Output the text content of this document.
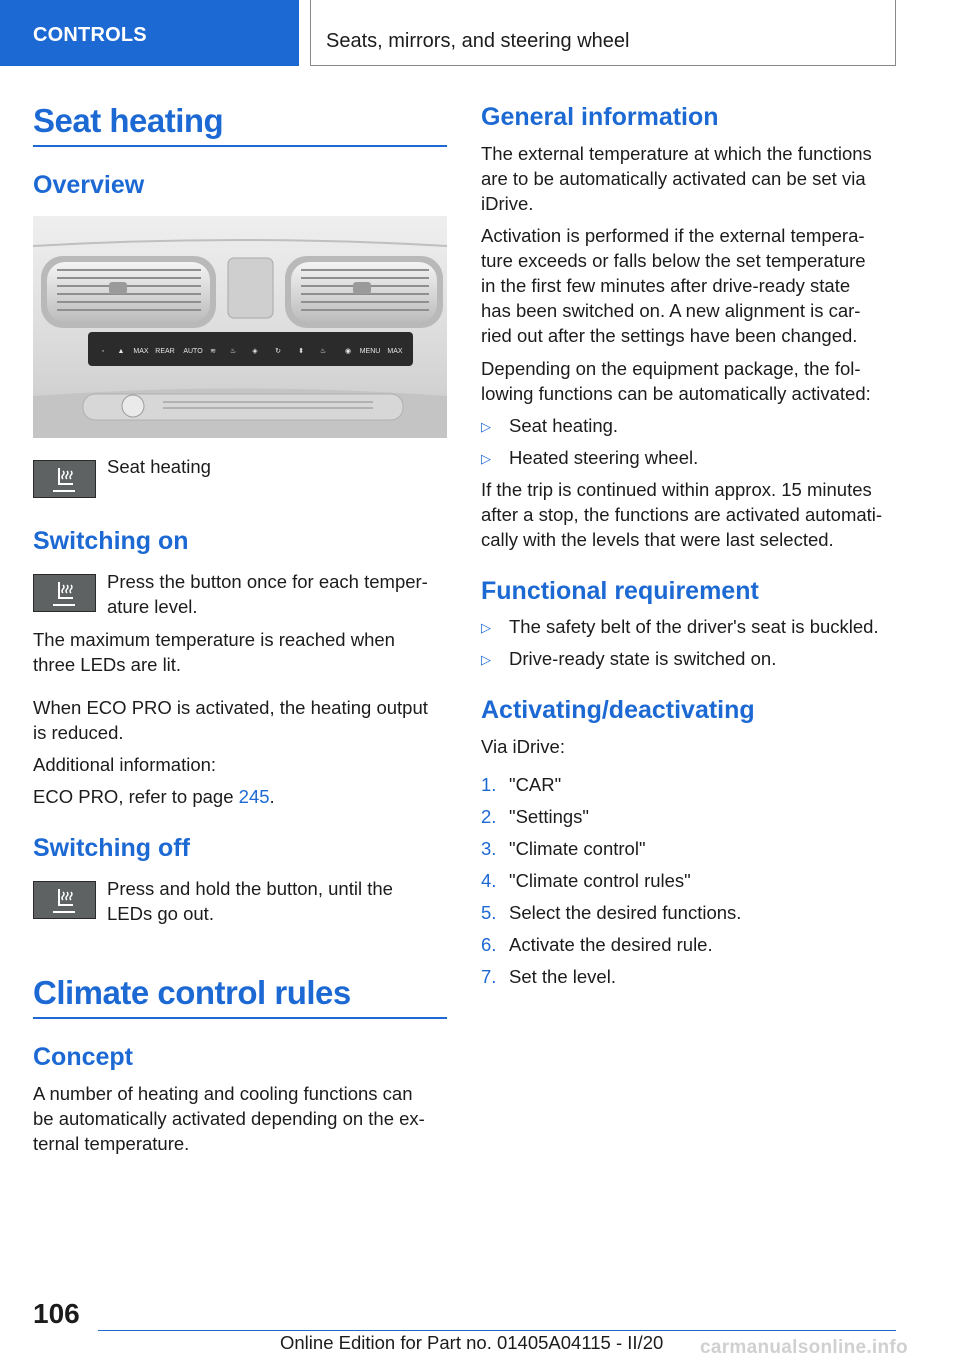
CONTROLS	Seats, mirrors, and steering wheel
Seat heating
Overview
◦ ▲ MAX REAR AUTO ≋ ♨ ◈ ↻ ⬍ ♨	◉ MENU MAX
Seat heating
Switching on
Press the button once for each temper-
ature level.
The maximum temperature is reached when
three LEDs are lit.
When ECO PRO is activated, the heating output
is reduced.
Additional information:
ECO PRO, refer to page 245.
Switching off
Press and hold the button, until the
LEDs go out.
Climate control rules
Concept
A number of heating and cooling functions can
be automatically activated depending on the ex-
ternal temperature.
General information
The external temperature at which the functions
are to be automatically activated can be set via
iDrive.
Activation is performed if the external tempera-
ture exceeds or falls below the set temperature
in the first few minutes after drive-ready state
has been switched on. A new alignment is car-
ried out after the settings have been changed.
Depending on the equipment package, the fol-
lowing functions can be automatically activated:
▷ Seat heating.
▷ Heated steering wheel.
If the trip is continued within approx. 15 minutes
after a stop, the functions are activated automati-
cally with the levels that were last selected.
Functional requirement
▷ The safety belt of the driver's seat is buckled.
▷ Drive-ready state is switched on.
Activating/deactivating
Via iDrive:
1. "CAR"
2. "Settings"
3. "Climate control"
4. "Climate control rules"
5. Select the desired functions.
6. Activate the desired rule.
7. Set the level.
106
Online Edition for Part no. 01405A04115 - II/20 carmanualsonline.info
